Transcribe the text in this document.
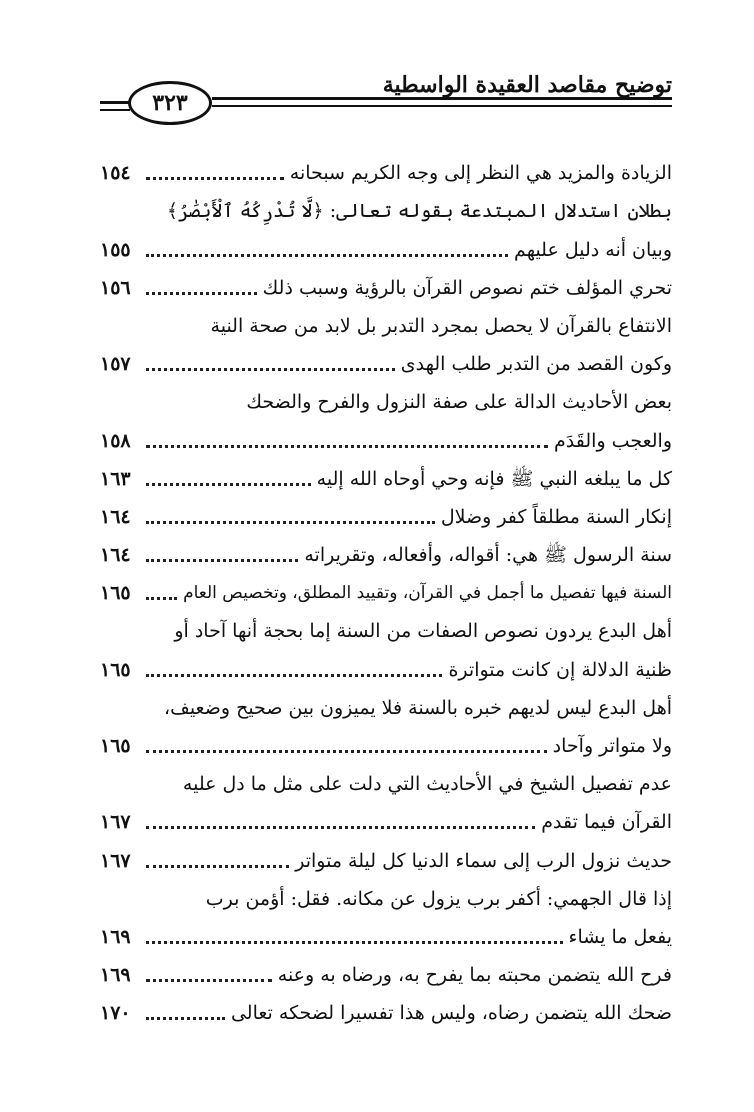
٣٢٣
توضيح مقاصد العقيدة الواسطية
الزيادة والمزيد هي النظر إلى وجه الكريم سبحانه
١٥٤
بطلان استدلال المبتدعة بقوله تعالى: ﴿لَّا تُدْرِكُهُ ٱلْأَبْصَٰرُ﴾
وبيان أنه دليل عليهم
١٥٥
تحري المؤلف ختم نصوص القرآن بالرؤية وسبب ذلك
١٥٦
الانتفاع بالقرآن لا يحصل بمجرد التدبر بل لابد من صحة النية
وكون القصد من التدبر طلب الهدى
١٥٧
بعض الأحاديث الدالة على صفة النزول والفرح والضحك
والعجب والقَدَم
١٥٨
كل ما يبلغه النبي ﷺ فإنه وحي أوحاه الله إليه
١٦٣
إنكار السنة مطلقاً كفر وضلال
١٦٤
سنة الرسول ﷺ هي: أقواله، وأفعاله، وتقريراته
١٦٤
السنة فيها تفصيل ما أجمل في القرآن، وتقييد المطلق، وتخصيص العام
١٦٥
أهل البدع يردون نصوص الصفات من السنة إما بحجة أنها آحاد أو
ظنية الدلالة إن كانت متواترة
١٦٥
أهل البدع ليس لديهم خبره بالسنة فلا يميزون بين صحيح وضعيف،
ولا متواتر وآحاد
١٦٥
عدم تفصيل الشيخ في الأحاديث التي دلت على مثل ما دل عليه
القرآن فيما تقدم
١٦٧
حديث نزول الرب إلى سماء الدنيا كل ليلة متواتر
١٦٧
إذا قال الجهمي: أكفر برب يزول عن مكانه. فقل: أؤمن برب
يفعل ما يشاء
١٦٩
فرح الله يتضمن محبته بما يفرح به، ورضاه به وعنه
١٦٩
ضحك الله يتضمن رضاه، وليس هذا تفسيرا لضحكه تعالى
١٧٠
